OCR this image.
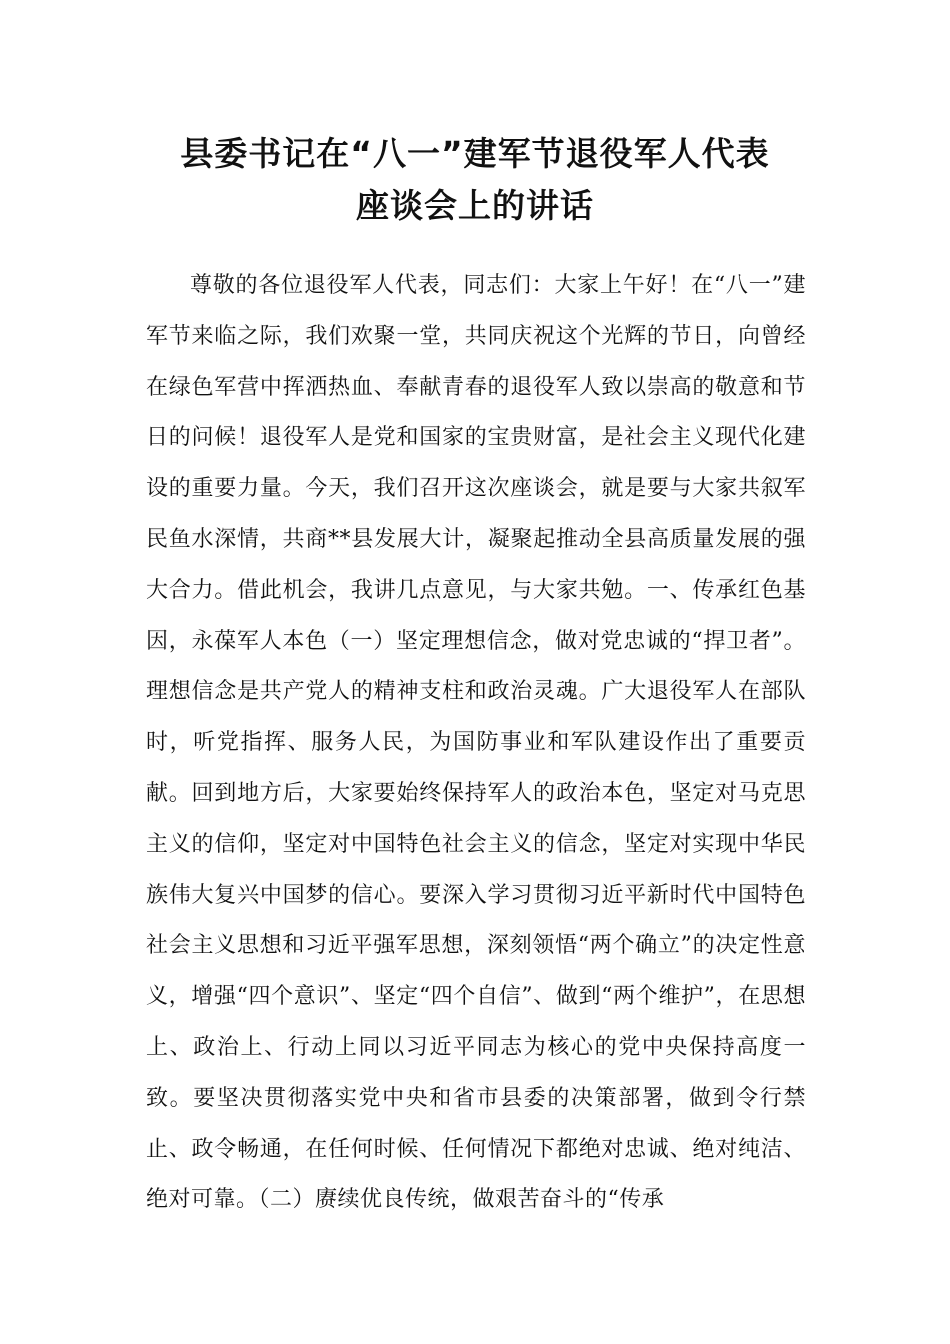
县委书记在“八一”建军节退役军人代表
座谈会上的讲话

尊敬的各位退役军人代表，同志们：大家上午好！在“八一”建军节来临之际，我们欢聚一堂，共同庆祝这个光辉的节日，向曾经在绿色军营中挥洒热血、奉献青春的退役军人致以崇高的敬意和节日的问候！退役军人是党和国家的宝贵财富，是社会主义现代化建设的重要力量。今天，我们召开这次座谈会，就是要与大家共叙军民鱼水深情，共商**县发展大计，凝聚起推动全县高质量发展的强大合力。借此机会，我讲几点意见，与大家共勉。一、传承红色基因，永葆军人本色（一）坚定理想信念，做对党忠诚的“捍卫者”。理想信念是共产党人的精神支柱和政治灵魂。广大退役军人在部队时，听党指挥、服务人民，为国防事业和军队建设作出了重要贡献。回到地方后，大家要始终保持军人的政治本色，坚定对马克思主义的信仰，坚定对中国特色社会主义的信念，坚定对实现中华民族伟大复兴中国梦的信心。要深入学习贯彻习近平新时代中国特色社会主义思想和习近平强军思想，深刻领悟“两个确立”的决定性意义，增强“四个意识”、坚定“四个自信”、做到“两个维护”，在思想上、政治上、行动上同以习近平同志为核心的党中央保持高度一致。要坚决贯彻落实党中央和省市县委的决策部署，做到令行禁止、政令畅通，在任何时候、任何情况下都绝对忠诚、绝对纯洁、绝对可靠。（二）赓续优良传统，做艰苦奋斗的“传承
